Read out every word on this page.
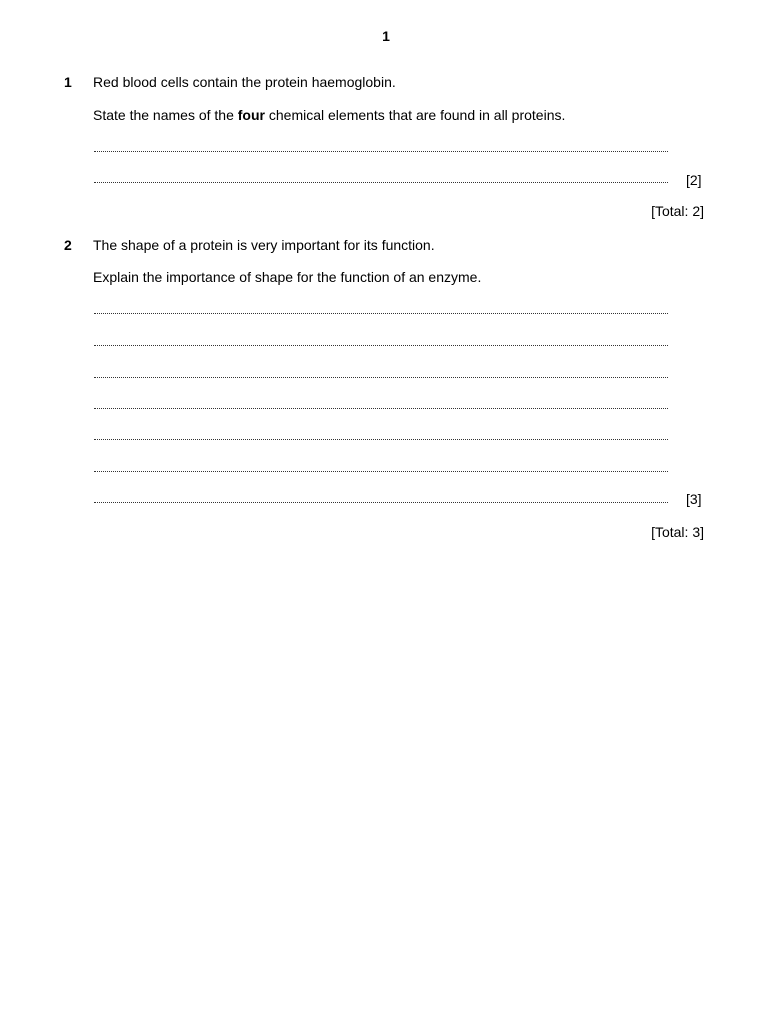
1
1 Red blood cells contain the protein haemoglobin.
State the names of the four chemical elements that are found in all proteins.
[2]
[Total: 2]
2 The shape of a protein is very important for its function.
Explain the importance of shape for the function of an enzyme.
[3]
[Total: 3]
